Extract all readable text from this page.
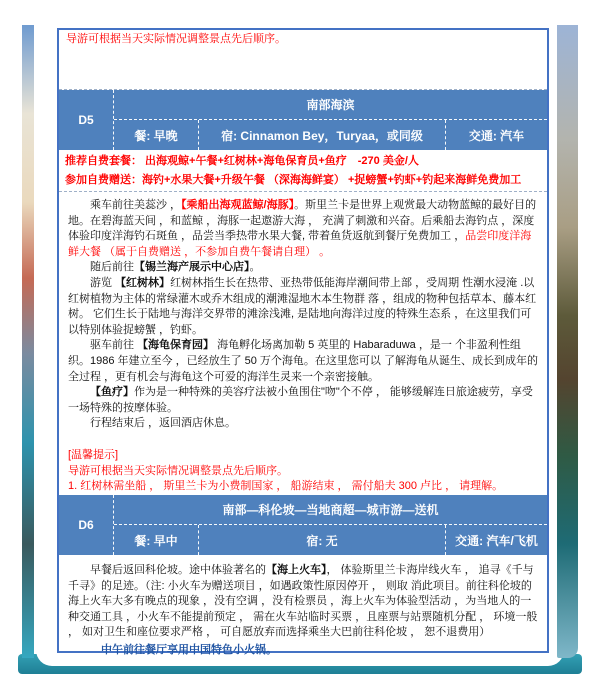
导游可根据当天实际情况调整景点先后顺序。
D5
南部海滨
餐: 早晚	宿: Cinnamon Bey，Turyaa，或同级	交通: 汽车
推荐自费套餐： 出海观鲸+午餐+红树林+海龟保育员+鱼疗　-270 美金/人
参加自费赠送：海钓+水果大餐+升级午餐 （深海海鲜宴） +捉螃蟹+钓虾+钓起来海鲜免费加工

乘车前往美蕊沙 ，【乘船出海观蓝鲸/海豚】。斯里兰卡是世界上观赏最大动物蓝鲸的最好目的地。在碧海蓝天间 ，和蓝鲸 ，海豚一起遨游大海 ， 充满了刺激和兴奋。后乘船去海钓点 ，深度体验印度洋海钓石斑鱼 ，品尝当季热带水果大餐, 带着鱼货返航到餐厅免费加工 ，品尝印度洋海鲜大餐 （属于自费赠送 ，不参加自费午餐请自理） 。

随后前往【锡兰海产展示中心店】。

游览 【红树林】红树林指生长在热带、亚热带低能海岸潮间带上部 ，受周期 性潮水浸淹 .以红树植物为主体的常绿灌木或乔木组成的潮滩湿地木本生物群 落 ，组成的物种包括草本、藤本红树。 它们生长于陆地与海洋交界带的滩涂浅滩, 是陆地向海洋过度的特殊生态系 ，在这里我们可以特别体验捉螃蟹 ，钓虾。

驱车前往 【海龟保育园】 海龟孵化场离加勒 5 英里的 Habaraduwa ，是一 个非盈利性组织。1986 年建立至今 ，已经放生了 50 万个海龟。在这里您可以 了解海龟从诞生、成长到成年的全过程 ，更有机会与海龟这个可爱的海洋生灵来一个亲密接触。

【鱼疗】作为是一种特殊的美容疗法被小鱼围住"吻"个不停 ， 能够缓解连日旅途疲劳，享受一场特殊的按摩体验。

行程结束后 ，返回酒店休息。

[温馨提示]

导游可根据当天实际情况调整景点先后顺序。

1. 红树林需坐船 ， 斯里兰卡为小费制国家 ， 船游结束 ， 需付船夫 300 卢比 ， 请理解。

D6
南部—科伦坡—当地商超—城市游—送机
餐: 早中	宿: 无	交通: 汽车/飞机

早餐后返回科伦坡。途中体验著名的【海上火车】， 体验斯里兰卡海岸线火车 ， 追寻《千与千寻》的足迹。（注: 小火车为赠送项目 ，如遇政策性原因停开 ， 则取 消此项目。前往科伦坡的海上火车大多有晚点的现象 ，没有空调 ，没有检票员 ，海上火车为体验型活动 ，为当地人的一种交通工具 ，小火车不能提前预定 ， 需在火车站临时买票 ，且座票与站票随机分配 ， 环境一般 ， 如对卫生和座位要求严格 ， 可自愿放弃而选择乘坐大巴前往科伦坡 ， 恕不退费用）

中午前往餐厅享用中国特色小火锅。
